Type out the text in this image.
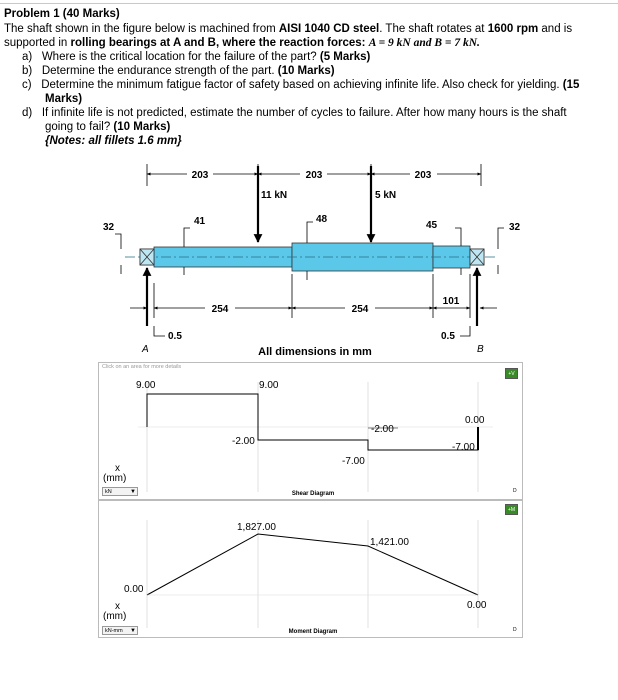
Problem 1 (40 Marks)
The shaft shown in the figure below is machined from AISI 1040 CD steel. The shaft rotates at 1600 rpm and is
supported in rolling bearings at A and B, where the reaction forces: A = 9 kN and B = 7 kN.
a) Where is the critical location for the failure of the part? (5 Marks)
b) Determine the endurance strength of the part. (10 Marks)
c) Determine the minimum fatigue factor of safety based on achieving infinite life. Also check for yielding. (15
Marks)
d) If infinite life is not predicted, estimate the number of cycles to failure. After how many hours is the shaft
going to fail? (10 Marks)
{Notes: all fillets 1.6 mm}
203	203	203
11 kN	5 kN
32
41	48
45	32
254	254
101
0.5	0.5
A	B
All dimensions in mm
Click on an area for more details
+V
9.00	9.00
-2.00
-2.00
-7.00
0.00
-7.00
Shear Diagram
x
(mm)
kN	▼	D
+M
1,827.00
1,421.00
0.00
0.00
Moment Diagram
x
(mm)
kN-mm ▼	D
